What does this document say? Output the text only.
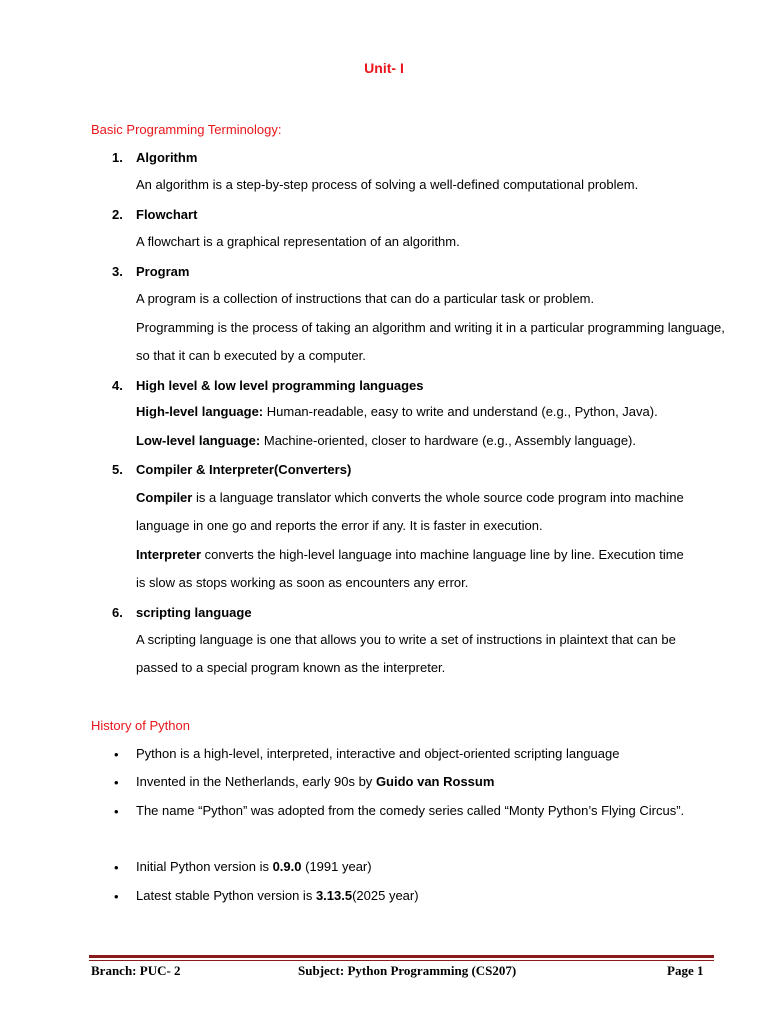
Unit- I
Basic Programming Terminology:
1. Algorithm
An algorithm is a step-by-step process of solving a well-defined computational problem.
2. Flowchart
A flowchart is a graphical representation of an algorithm.
3. Program
A program is a collection of instructions that can do a particular task or problem.
Programming is the process of taking an algorithm and writing it in a particular programming language, so that it can b executed by a computer.
4. High level & low level programming languages
High-level language: Human-readable, easy to write and understand (e.g., Python, Java).
Low-level language: Machine-oriented, closer to hardware (e.g., Assembly language).
5. Compiler & Interpreter(Converters)
Compiler is a language translator which converts the whole source code program into machine language in one go and reports the error if any. It is faster in execution.
Interpreter converts the high-level language into machine language line by line. Execution time is slow as stops working as soon as encounters any error.
6. scripting language
A scripting language is one that allows you to write a set of instructions in plaintext that can be passed to a special program known as the interpreter.
History of Python
• Python is a high-level, interpreted, interactive and object-oriented scripting language
• Invented in the Netherlands, early 90s by Guido van Rossum
• The name “Python” was adopted from the comedy series called “Monty Python’s Flying Circus”.
• Initial Python version is 0.9.0 (1991 year)
• Latest stable Python version is 3.13.5(2025 year)
Branch: PUC- 2	Subject: Python Programming (CS207)	Page 1
